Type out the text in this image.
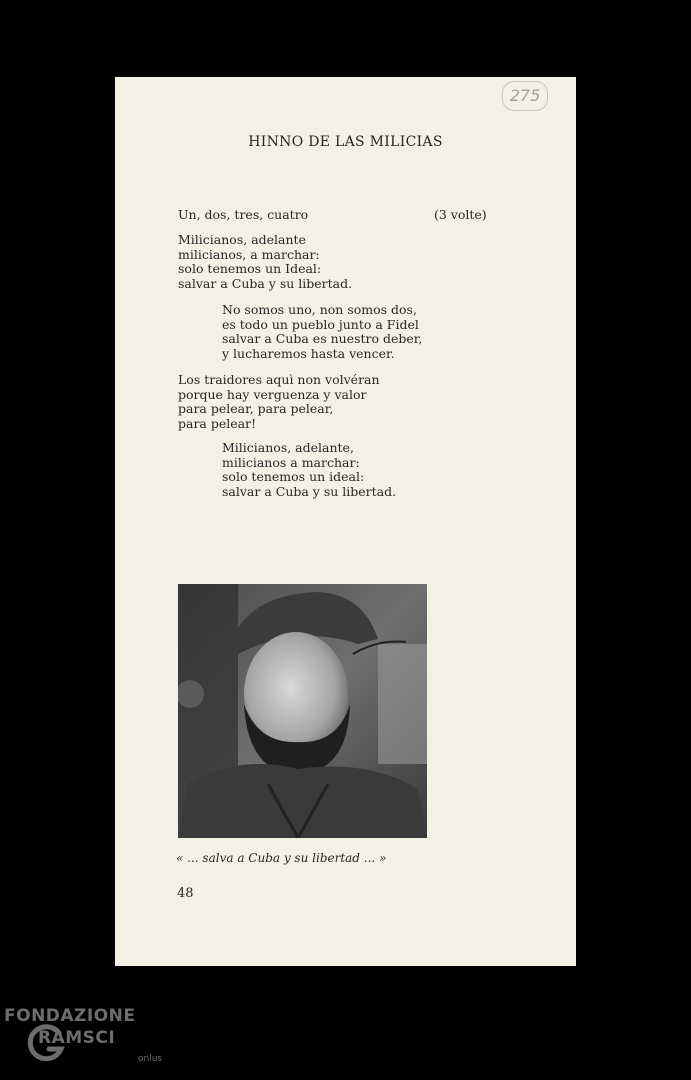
275
HINNO DE LAS MILICIAS
Un, dos, tres, cuatro	(3 volte)
Milicianos, adelante
milicianos, a marchar:
solo tenemos un Ideal:
salvar a Cuba y su libertad.
No somos uno, non somos dos,
es todo un pueblo junto a Fidel
salvar a Cuba es nuestro deber,
y lucharemos hasta vencer.
Los traidores aquì non volvéran
porque hay verguenza y valor
para pelear, para pelear,
para pelear!
Milicianos, adelante,
milicianos a marchar:
solo tenemos un ideal:
salvar a Cuba y su libertad.
« ... salva a Cuba y su libertad ... »
48
FONDAZIONE
RAMSCI
onlus
